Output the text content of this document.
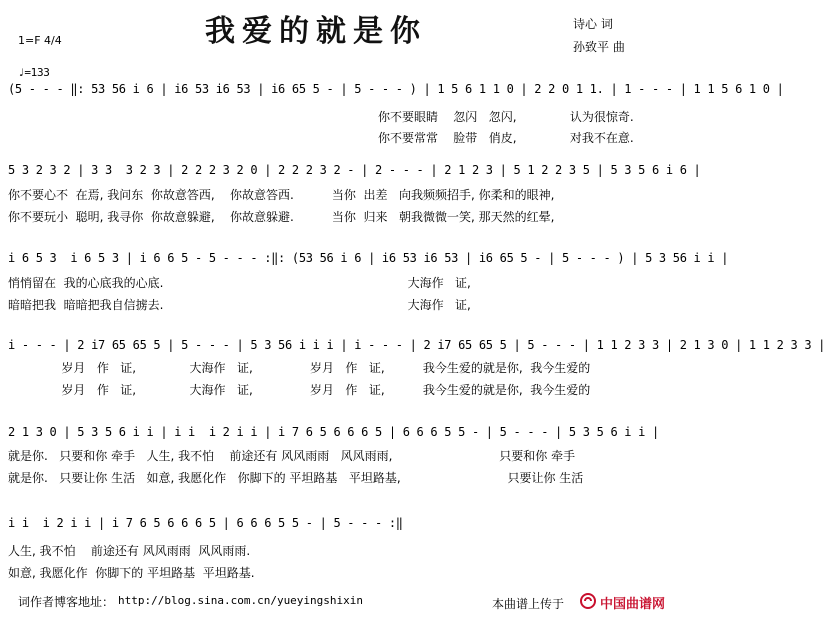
我爱的就是你
1=F 4/4
诗心 词
孙致平 曲
♩=133
(5 - - - ‖: 53 56 i 6 | i6 53 i6 53 | i6 65 5 - | 5 - - - ) | 1 5 6 1 1 0 | 2 2 0 1 1. | 1 - - - | 1 1 5 6 1 0 |
你不要眼睛    忽闪   忽闪,              认为很惊奇.
你不要常常    脸带   俏皮,              对我不在意.
5 3 2 3 2 | 3 3  3 2 3 | 2 2 2 3 2 0 | 2 2 2 3 2 - | 2 - - - | 2 1 2 3 | 5 1 2 2 3 5 | 5 3 5 6 i 6 |
你不要心不  在焉, 我问东  你故意答西,    你故意答西.          当你  出差   向我频频招手, 你柔和的眼神,
你不要玩小  聪明, 我寻你  你故意躲避,    你故意躲避.          当你  归来   朝我微微一笑, 那天然的红晕,
i 6 5 3  i 6 5 3 | i 6 6 5 - 5 - - - :‖: (53 56 i 6 | i6 53 i6 53 | i6 65 5 - | 5 - - - ) | 5 3 56 i i |
悄悄留在  我的心底我的心底.                                                                大海作   证,
暗暗把我  暗暗把我自信掳去.                                                                大海作   证,
i - - - | 2 i7 65 65 5 | 5 - - - | 5 3 56 i i i | i - - - | 2 i7 65 65 5 | 5 - - - | 1 1 2 3 3 | 2 1 3 0 | 1 1 2 3 3 |
岁月   作   证,              大海作   证,               岁月   作   证,          我今生爱的就是你,  我今生爱的
岁月   作   证,              大海作   证,               岁月   作   证,          我今生爱的就是你,  我今生爱的
2 1 3 0 | 5 3 5 6 i i | i i  i 2 i i | i 7 6 5 6 6 6 5 | 6 6 6 5 5 - | 5 - - - | 5 3 5 6 i i |
就是你.   只要和你 牵手   人生, 我不怕    前途还有 风风雨雨   风风雨雨,                            只要和你 牵手
就是你.   只要让你 生活   如意, 我愿化作   你脚下的 平坦路基   平坦路基,                            只要让你 生活
i i  i 2 i i | i 7 6 5 6 6 6 5 | 6 6 6 5 5 - | 5 - - - :‖
人生, 我不怕    前途还有 风风雨雨  风风雨雨.
如意, 我愿化作  你脚下的 平坦路基  平坦路基.
词作者博客地址： http://blog.sina.com.cn/yueyingshixin	本曲谱上传于	中国曲谱网
